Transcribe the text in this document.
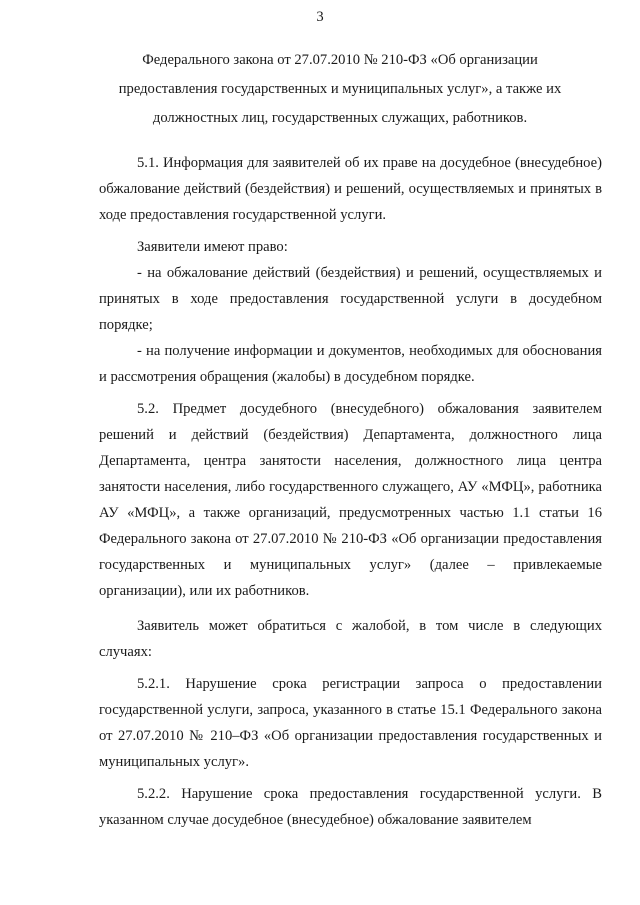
3

Федерального закона от 27.07.2010 № 210-ФЗ «Об организации

предоставления государственных и муниципальных услуг», а также их

должностных лиц, государственных служащих, работников.

5.1. Информация для заявителей об их праве на досудебное (внесудебное) обжалование действий (бездействия) и решений, осуществляемых и принятых в ходе предоставления государственной услуги.

Заявители имеют право:

- на обжалование действий (бездействия) и решений, осуществляемых и принятых в ходе предоставления государственной услуги в досудебном порядке;

- на получение информации и документов, необходимых для обоснования и рассмотрения обращения (жалобы) в досудебном порядке.

5.2. Предмет досудебного (внесудебного) обжалования заявителем решений и действий (бездействия) Департамента, должностного лица Департамента, центра занятости населения, должностного лица центра занятости населения, либо государственного служащего, АУ «МФЦ», работника АУ «МФЦ», а также организаций, предусмотренных частью 1.1 статьи 16 Федерального закона от 27.07.2010 № 210-ФЗ «Об организации предоставления государственных и муниципальных услуг» (далее – привлекаемые организации), или их работников.

Заявитель может обратиться с жалобой, в том числе в следующих случаях:

5.2.1. Нарушение срока регистрации запроса о предоставлении государственной услуги, запроса, указанного в статье 15.1 Федерального закона от 27.07.2010 № 210–ФЗ «Об организации предоставления государственных и муниципальных услуг».

5.2.2. Нарушение срока предоставления государственной услуги. В указанном случае досудебное (внесудебное) обжалование заявителем
